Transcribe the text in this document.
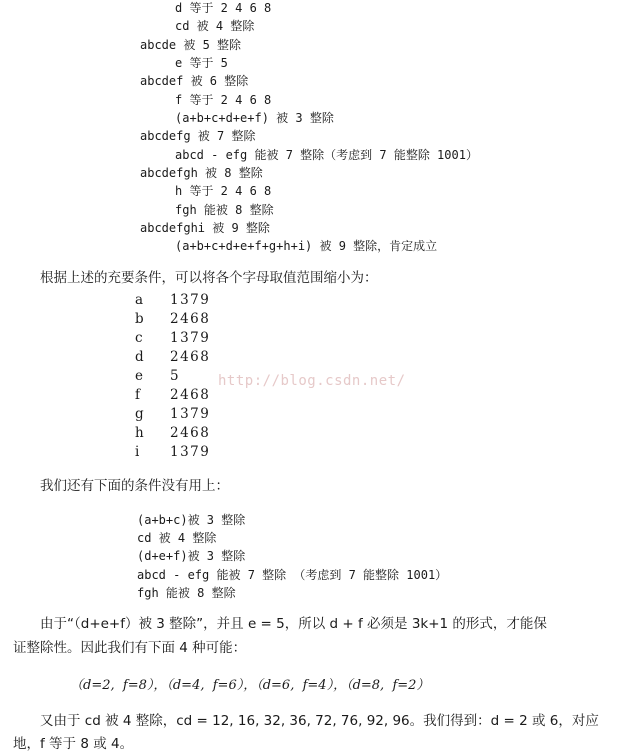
d 等于 2 4 6 8
cd 被 4 整除
abcde 被 5 整除
e 等于 5
abcdef 被 6 整除
f 等于 2 4 6 8
(a+b+c+d+e+f) 被 3 整除
abcdefg 被 7 整除
abcd - efg 能被 7 整除（考虑到 7 能整除 1001）
abcdefgh 被 8 整除
h 等于 2 4 6 8
fgh 能被 8 整除
abcdefghi 被 9 整除
(a+b+c+d+e+f+g+h+i) 被 9 整除，肯定成立
根据上述的充要条件，可以将各个字母取值范围缩小为：
a 1379
b 2468
c 1379
d 2468
e 5
f 2468
g 1379
h 2468
i 1379
http://blog.csdn.net/
我们还有下面的条件没有用上：
(a+b+c)被 3 整除
cd 被 4 整除
(d+e+f)被 3 整除
abcd - efg 能被 7 整除 （考虑到 7 能整除 1001）
fgh 能被 8 整除
由于“（d+e+f）被 3 整除”，并且 e = 5，所以 d + f 必须是 3k+1 的形式，才能保
证整除性。因此我们有下面 4 种可能：
（d=2,  f=8），（d=4,  f=6），（d=6,  f=4），（d=8,  f=2）
又由于 cd 被 4 整除，cd = 12, 16, 32, 36, 72, 76, 92, 96。我们得到：d = 2 或 6，对应
地，f 等于 8 或 4。
